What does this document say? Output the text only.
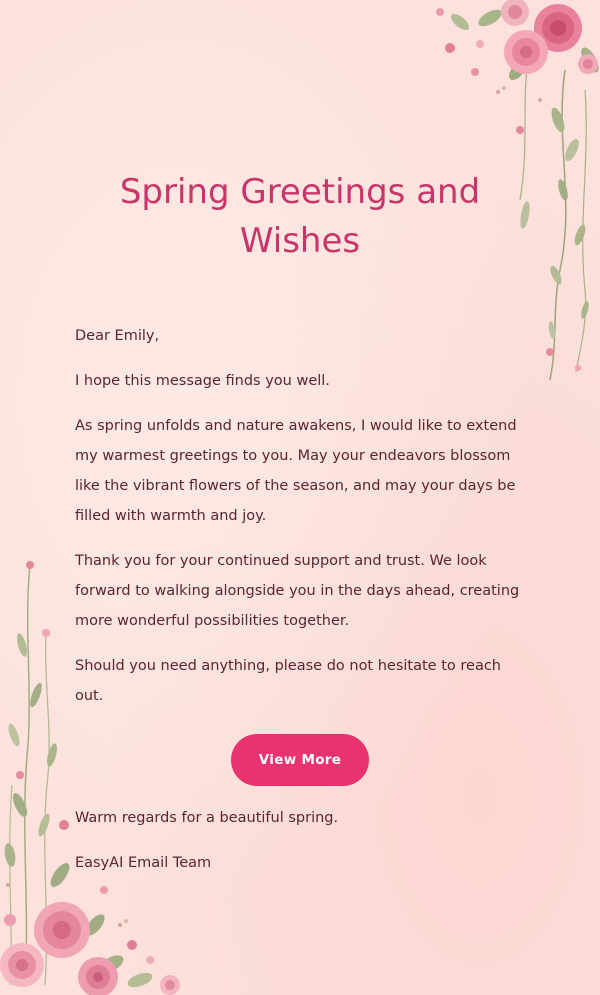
Spring Greetings and Wishes

Dear Emily,

I hope this message finds you well.

As spring unfolds and nature awakens, I would like to extend my warmest greetings to you. May your endeavors blossom like the vibrant flowers of the season, and may your days be filled with warmth and joy.

Thank you for your continued support and trust. We look forward to walking alongside you in the days ahead, creating more wonderful possibilities together.

Should you need anything, please do not hesitate to reach out.

View More

Warm regards for a beautiful spring.

EasyAI Email Team
